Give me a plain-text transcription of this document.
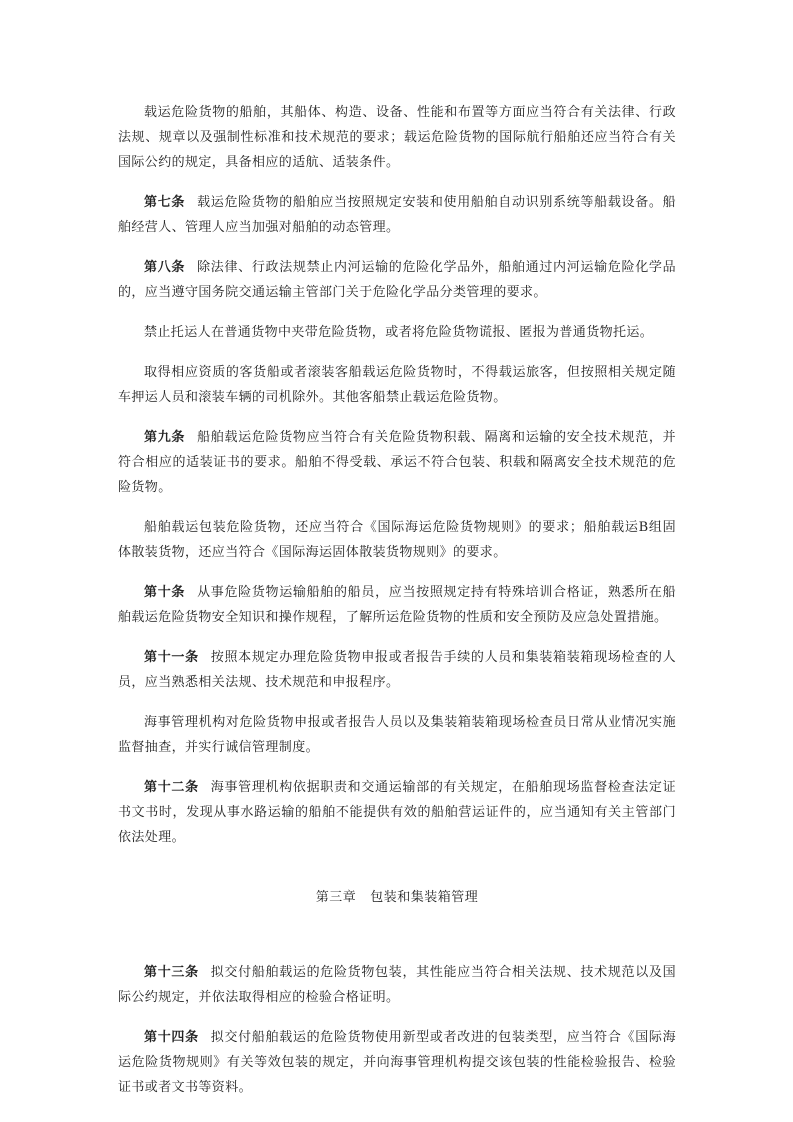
载运危险货物的船舶，其船体、构造、设备、性能和布置等方面应当符合有关法律、行政法规、规章以及强制性标准和技术规范的要求；载运危险货物的国际航行船舶还应当符合有关国际公约的规定，具备相应的适航、适装条件。

第七条 载运危险货物的船舶应当按照规定安装和使用船舶自动识别系统等船载设备。船舶经营人、管理人应当加强对船舶的动态管理。

第八条 除法律、行政法规禁止内河运输的危险化学品外，船舶通过内河运输危险化学品的，应当遵守国务院交通运输主管部门关于危险化学品分类管理的要求。

禁止托运人在普通货物中夹带危险货物，或者将危险货物谎报、匿报为普通货物托运。

取得相应资质的客货船或者滚装客船载运危险货物时，不得载运旅客，但按照相关规定随车押运人员和滚装车辆的司机除外。其他客船禁止载运危险货物。

第九条 船舶载运危险货物应当符合有关危险货物积载、隔离和运输的安全技术规范，并符合相应的适装证书的要求。船舶不得受载、承运不符合包装、积载和隔离安全技术规范的危险货物。

船舶载运包装危险货物，还应当符合《国际海运危险货物规则》的要求；船舶载运B组固体散装货物，还应当符合《国际海运固体散装货物规则》的要求。

第十条 从事危险货物运输船舶的船员，应当按照规定持有特殊培训合格证，熟悉所在船舶载运危险货物安全知识和操作规程，了解所运危险货物的性质和安全预防及应急处置措施。

第十一条 按照本规定办理危险货物申报或者报告手续的人员和集装箱装箱现场检查的人员，应当熟悉相关法规、技术规范和申报程序。

海事管理机构对危险货物申报或者报告人员以及集装箱装箱现场检查员日常从业情况实施监督抽查，并实行诚信管理制度。

第十二条 海事管理机构依据职责和交通运输部的有关规定，在船舶现场监督检查法定证书文书时，发现从事水路运输的船舶不能提供有效的船舶营运证件的，应当通知有关主管部门依法处理。

第三章 包装和集装箱管理

第十三条 拟交付船舶载运的危险货物包装，其性能应当符合相关法规、技术规范以及国际公约规定，并依法取得相应的检验合格证明。

第十四条 拟交付船舶载运的危险货物使用新型或者改进的包装类型，应当符合《国际海运危险货物规则》有关等效包装的规定，并向海事管理机构提交该包装的性能检验报告、检验证书或者文书等资料。
